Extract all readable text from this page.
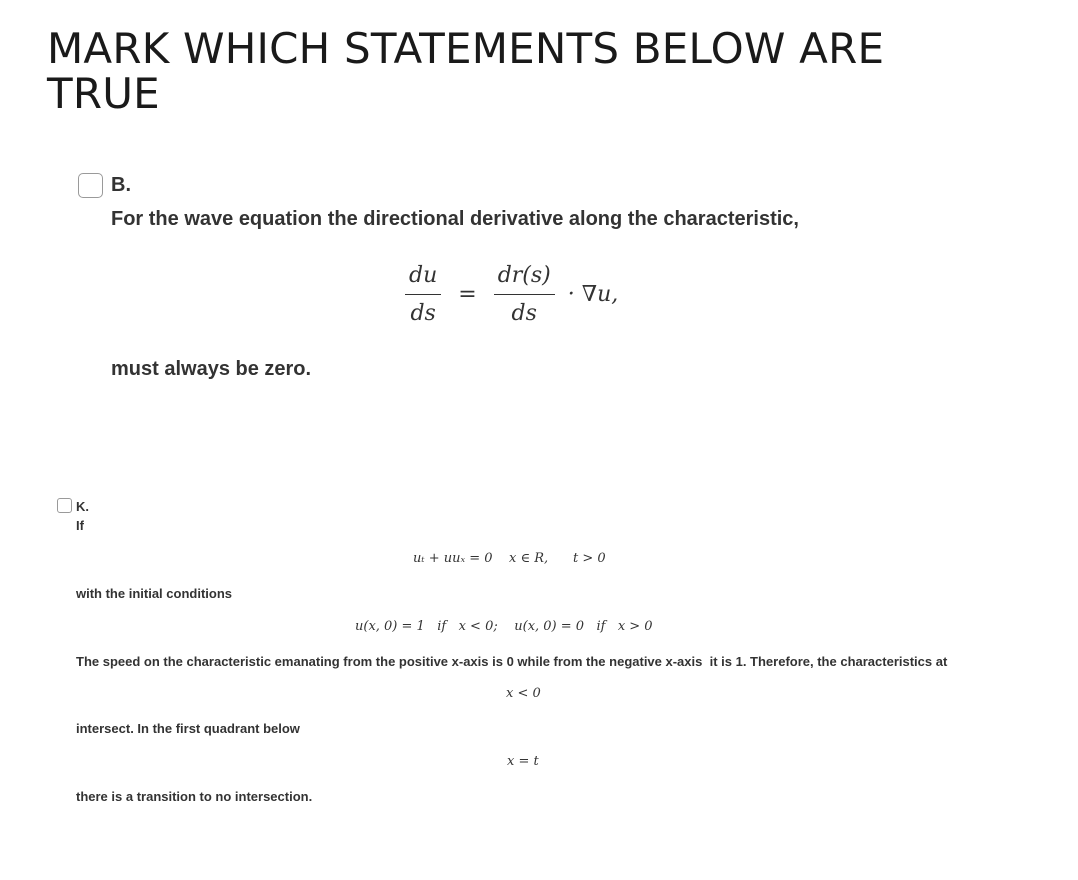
MARK WHICH STATEMENTS BELOW ARE TRUE
B.
For the wave equation the directional derivative along the characteristic,
$\frac{du}{ds} = \frac{dr(s)}{ds} \cdot \nabla u$,
must always be zero.
K.
If
uₜ + uuₓ = 0    x ∈ R,      t > 0
with the initial conditions
u(x, 0) = 1   if   x < 0;    u(x, 0) = 0   if   x > 0
The speed on the characteristic emanating from the positive x-axis is 0 while from the negative x-axis  it is 1. Therefore, the characteristics at
x < 0
intersect. In the first quadrant below
x = t
there is a transition to no intersection.
